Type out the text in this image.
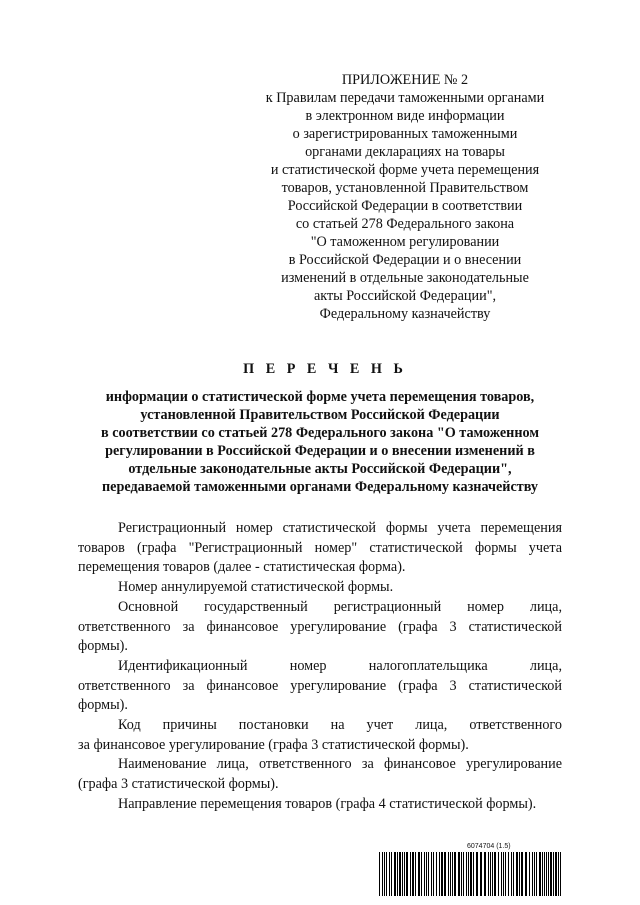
ПРИЛОЖЕНИЕ № 2
к Правилам передачи таможенными органами
в электронном виде информации
о зарегистрированных таможенными
органами декларациях на товары
и статистической форме учета перемещения
товаров, установленной Правительством
Российской Федерации в соответствии
со статьей 278 Федерального закона
"О таможенном регулировании
в Российской Федерации и о внесении
изменений в отдельные законодательные
акты Российской Федерации",
Федеральному казначейству
П Е Р Е Ч Е Н Ь
информации о статистической форме учета перемещения товаров,
установленной Правительством Российской Федерации
в соответствии со статьей 278 Федерального закона "О таможенном
регулировании в Российской Федерации и о внесении изменений в
отдельные законодательные акты Российской Федерации",
передаваемой таможенными органами Федеральному казначейству
Регистрационный номер статистической формы учета перемещения
товаров (графа "Регистрационный номер" статистической формы учета
перемещения товаров (далее - статистическая форма).
Номер аннулируемой статистической формы.
Основной государственный регистрационный номер лица,
ответственного за финансовое урегулирование (графа 3 статистической
формы).
Идентификационный номер налогоплательщика лица,
ответственного за финансовое урегулирование (графа 3 статистической
формы).
Код причины постановки на учет лица, ответственного
за финансовое урегулирование (графа 3 статистической формы).
Наименование лица, ответственного за финансовое урегулирование
(графа 3 статистической формы).
Направление перемещения товаров (графа 4 статистической формы).
6074704 (1.5)
